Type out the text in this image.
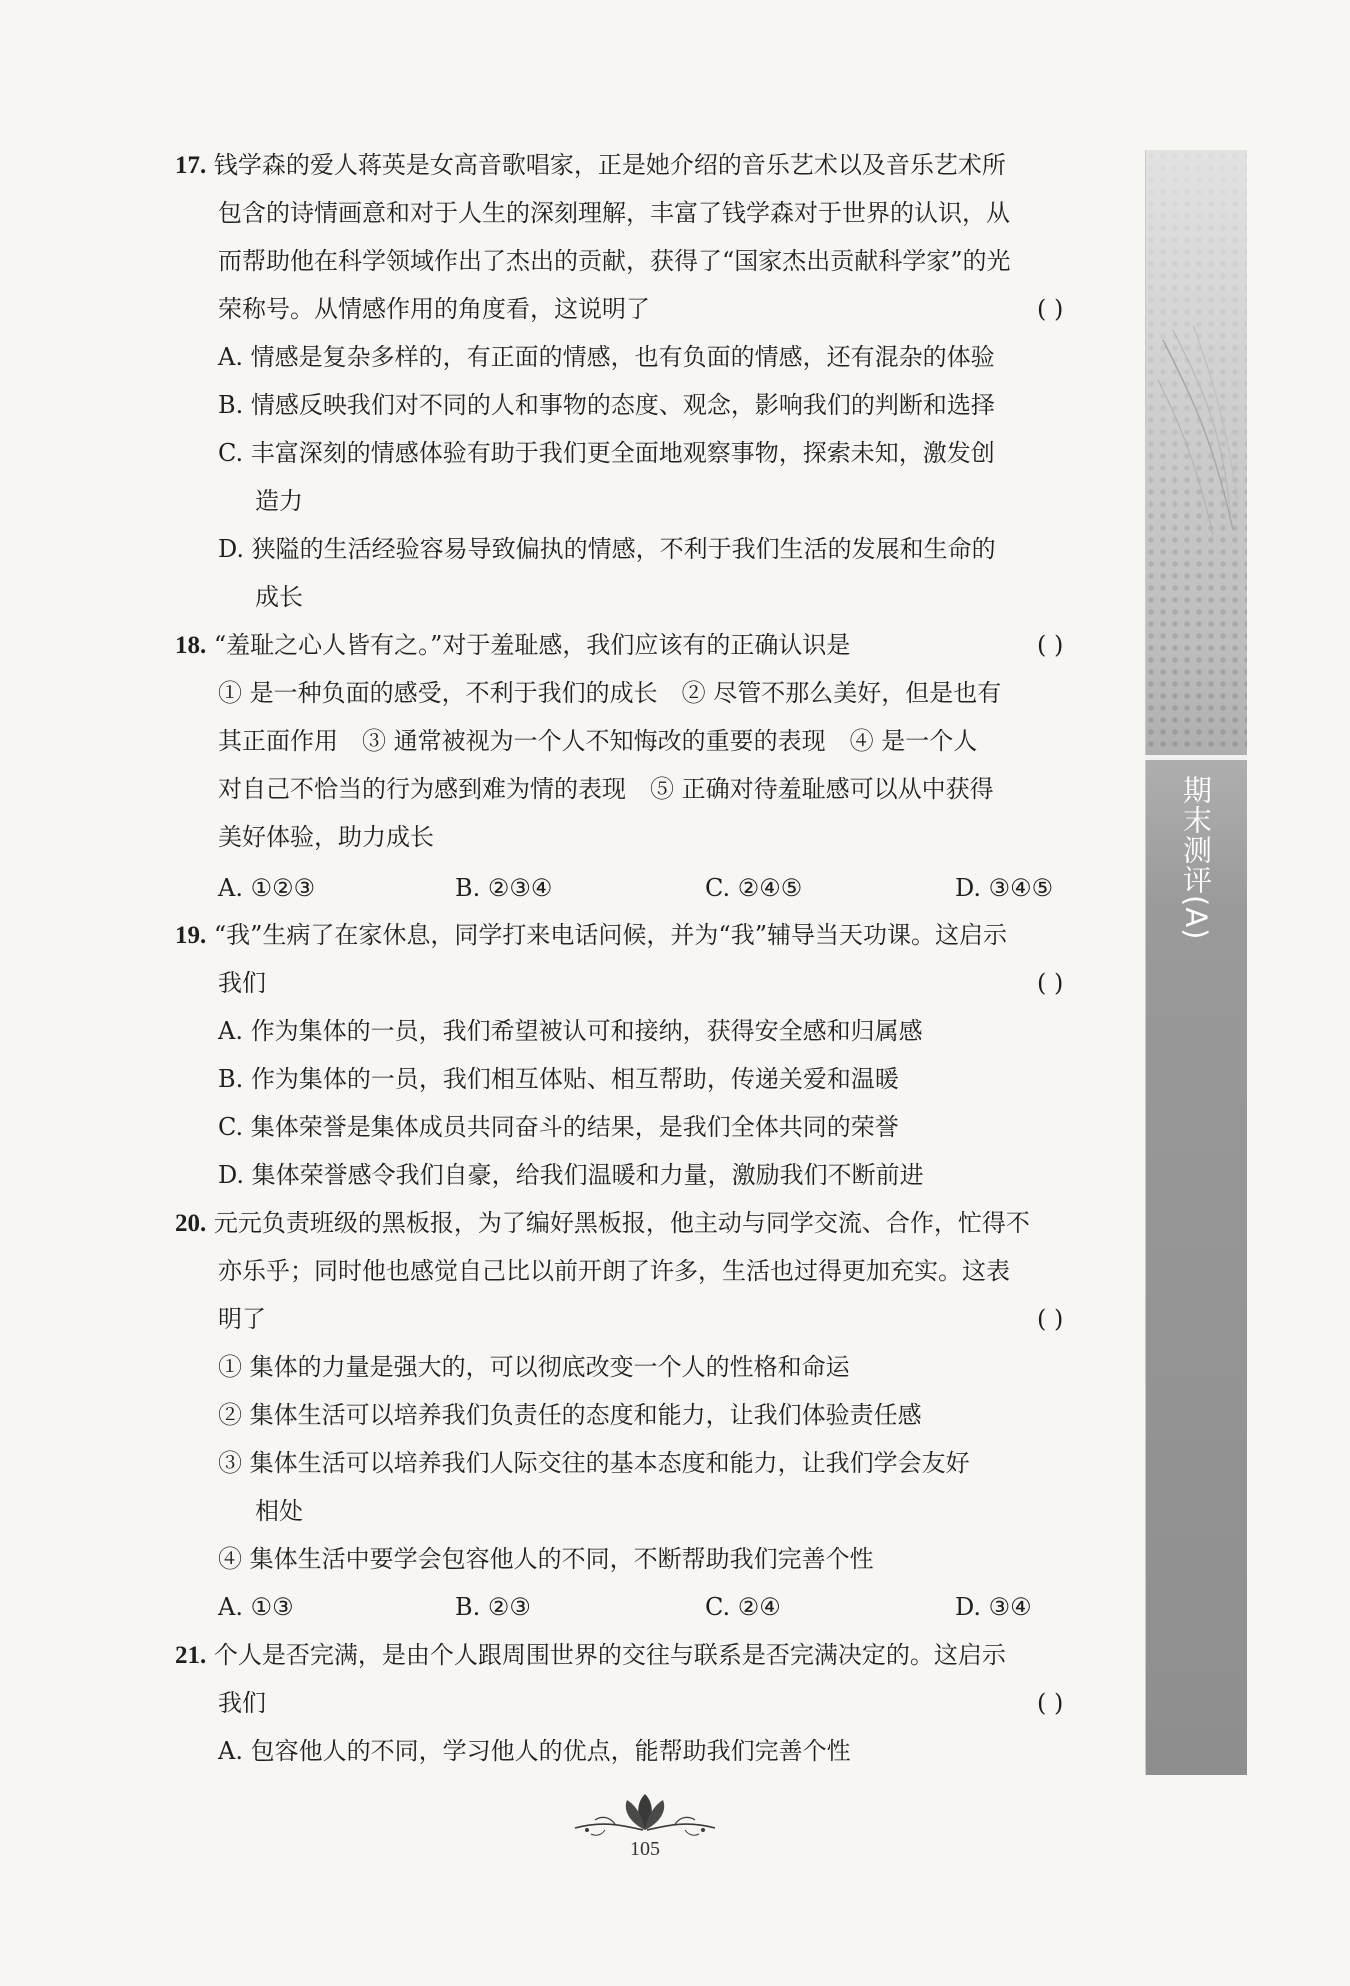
期末测评(A)
17. 钱学森的爱人蒋英是女高音歌唱家，正是她介绍的音乐艺术以及音乐艺术所
包含的诗情画意和对于人生的深刻理解，丰富了钱学森对于世界的认识，从
而帮助他在科学领域作出了杰出的贡献，获得了“国家杰出贡献科学家”的光
荣称号。从情感作用的角度看，这说明了	( )
A. 情感是复杂多样的，有正面的情感，也有负面的情感，还有混杂的体验
B. 情感反映我们对不同的人和事物的态度、观念，影响我们的判断和选择
C. 丰富深刻的情感体验有助于我们更全面地观察事物，探索未知，激发创
造力
D. 狭隘的生活经验容易导致偏执的情感，不利于我们生活的发展和生命的
成长
18. “羞耻之心人皆有之。”对于羞耻感，我们应该有的正确认识是	( )
① 是一种负面的感受，不利于我们的成长　② 尽管不那么美好，但是也有
其正面作用　③ 通常被视为一个人不知悔改的重要的表现　④ 是一个人
对自己不恰当的行为感到难为情的表现　⑤ 正确对待羞耻感可以从中获得
美好体验，助力成长
A. ①②③	B. ②③④	C. ②④⑤	D. ③④⑤
19. “我”生病了在家休息，同学打来电话问候，并为“我”辅导当天功课。这启示
我们	( )
A. 作为集体的一员，我们希望被认可和接纳，获得安全感和归属感
B. 作为集体的一员，我们相互体贴、相互帮助，传递关爱和温暖
C. 集体荣誉是集体成员共同奋斗的结果，是我们全体共同的荣誉
D. 集体荣誉感令我们自豪，给我们温暖和力量，激励我们不断前进
20. 元元负责班级的黑板报，为了编好黑板报，他主动与同学交流、合作，忙得不
亦乐乎；同时他也感觉自己比以前开朗了许多，生活也过得更加充实。这表
明了	( )
① 集体的力量是强大的，可以彻底改变一个人的性格和命运
② 集体生活可以培养我们负责任的态度和能力，让我们体验责任感
③ 集体生活可以培养我们人际交往的基本态度和能力，让我们学会友好
相处
④ 集体生活中要学会包容他人的不同，不断帮助我们完善个性
A. ①③	B. ②③	C. ②④	D. ③④
21. 个人是否完满，是由个人跟周围世界的交往与联系是否完满决定的。这启示
我们	( )
A. 包容他人的不同，学习他人的优点，能帮助我们完善个性
105
